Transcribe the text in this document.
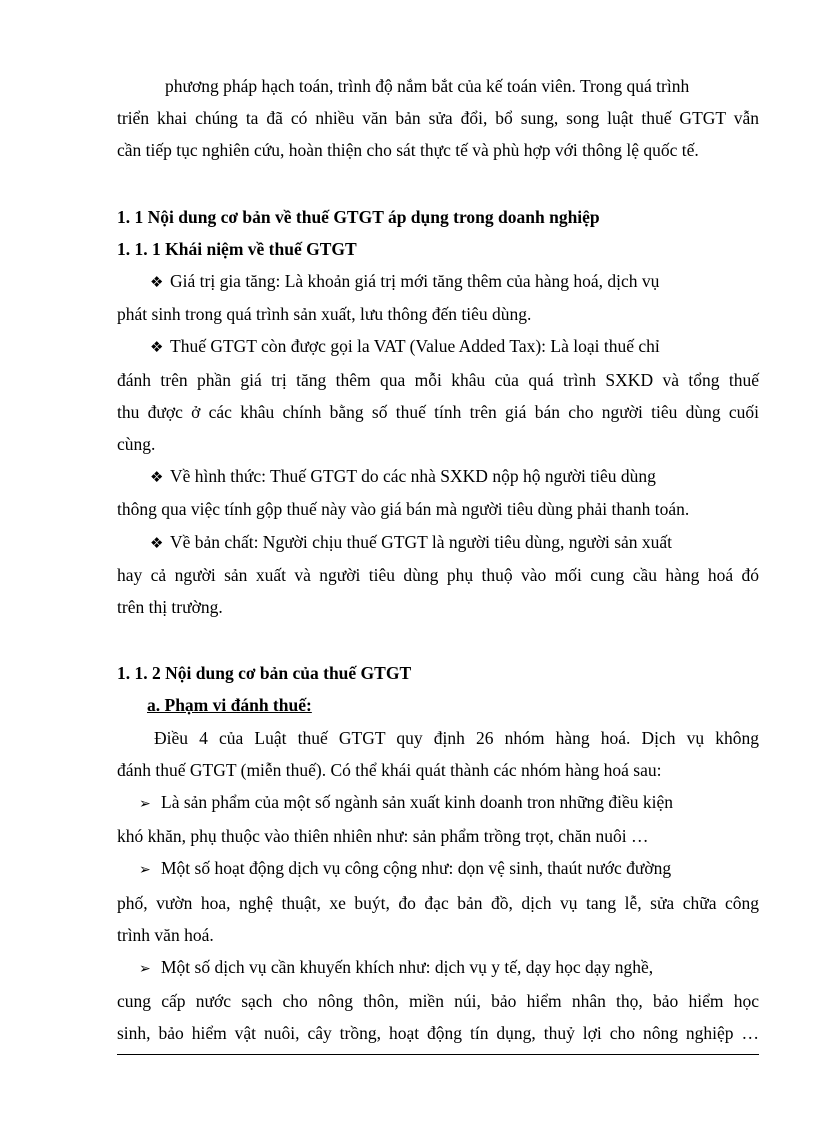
phương pháp hạch toán, trình độ nắm bắt của kế toán viên. Trong quá trình
triển khai chúng ta đã có nhiều văn bản sửa đổi, bổ sung, song luật thuế GTGT vẫn
cần tiếp tục nghiên cứu, hoàn thiện cho sát thực tế và phù hợp với thông lệ quốc tế.

1. 1 Nội dung cơ bản về thuế GTGT áp dụng trong doanh nghiệp

1. 1. 1 Khái niệm về thuế GTGT

❖ Giá trị gia tăng: Là khoản giá trị mới tăng thêm của hàng hoá, dịch vụ
phát sinh trong quá trình sản xuất, lưu thông đến tiêu dùng.

❖ Thuế GTGT còn được gọi la VAT (Value Added Tax): Là loại thuế chỉ
đánh trên phần giá trị tăng thêm qua mỗi khâu của quá trình SXKD và tổng thuế
thu được ở các khâu chính bằng số thuế tính trên giá bán cho người tiêu dùng cuối
cùng.

❖ Về hình thức: Thuế GTGT do các nhà SXKD nộp hộ người tiêu dùng
thông qua việc tính gộp thuế này vào giá bán mà người tiêu dùng phải thanh toán.

❖ Về bản chất: Người chịu thuế GTGT là người tiêu dùng, người sản xuất
hay cả người sản xuất và người tiêu dùng phụ thuộ vào mối cung cầu hàng hoá đó
trên thị trường.

1. 1. 2 Nội dung cơ bản của thuế GTGT

a. Phạm vi đánh thuế:

Điều 4 của Luật thuế GTGT quy định 26 nhóm hàng hoá. Dịch vụ không
đánh thuế GTGT (miễn thuế). Có thể khái quát thành các nhóm hàng hoá sau:

➢ Là sản phẩm của một số ngành sản xuất kinh doanh tron những điều kiện
khó khăn, phụ thuộc vào thiên nhiên như: sản phẩm trồng trọt, chăn nuôi …

➢ Một số hoạt động dịch vụ công cộng như: dọn vệ sinh, thaút nước đường
phố, vườn hoa, nghệ thuật, xe buýt, đo đạc bản đồ, dịch vụ tang lễ, sửa chữa công
trình văn hoá.

➢ Một số dịch vụ cần khuyến khích như: dịch vụ y tế, dạy học dạy nghề,
cung cấp nước sạch cho nông thôn, miền núi, bảo hiểm nhân thọ, bảo hiểm học
sinh, bảo hiểm vật nuôi, cây trồng, hoạt động tín dụng, thuỷ lợi cho nông nghiệp …
